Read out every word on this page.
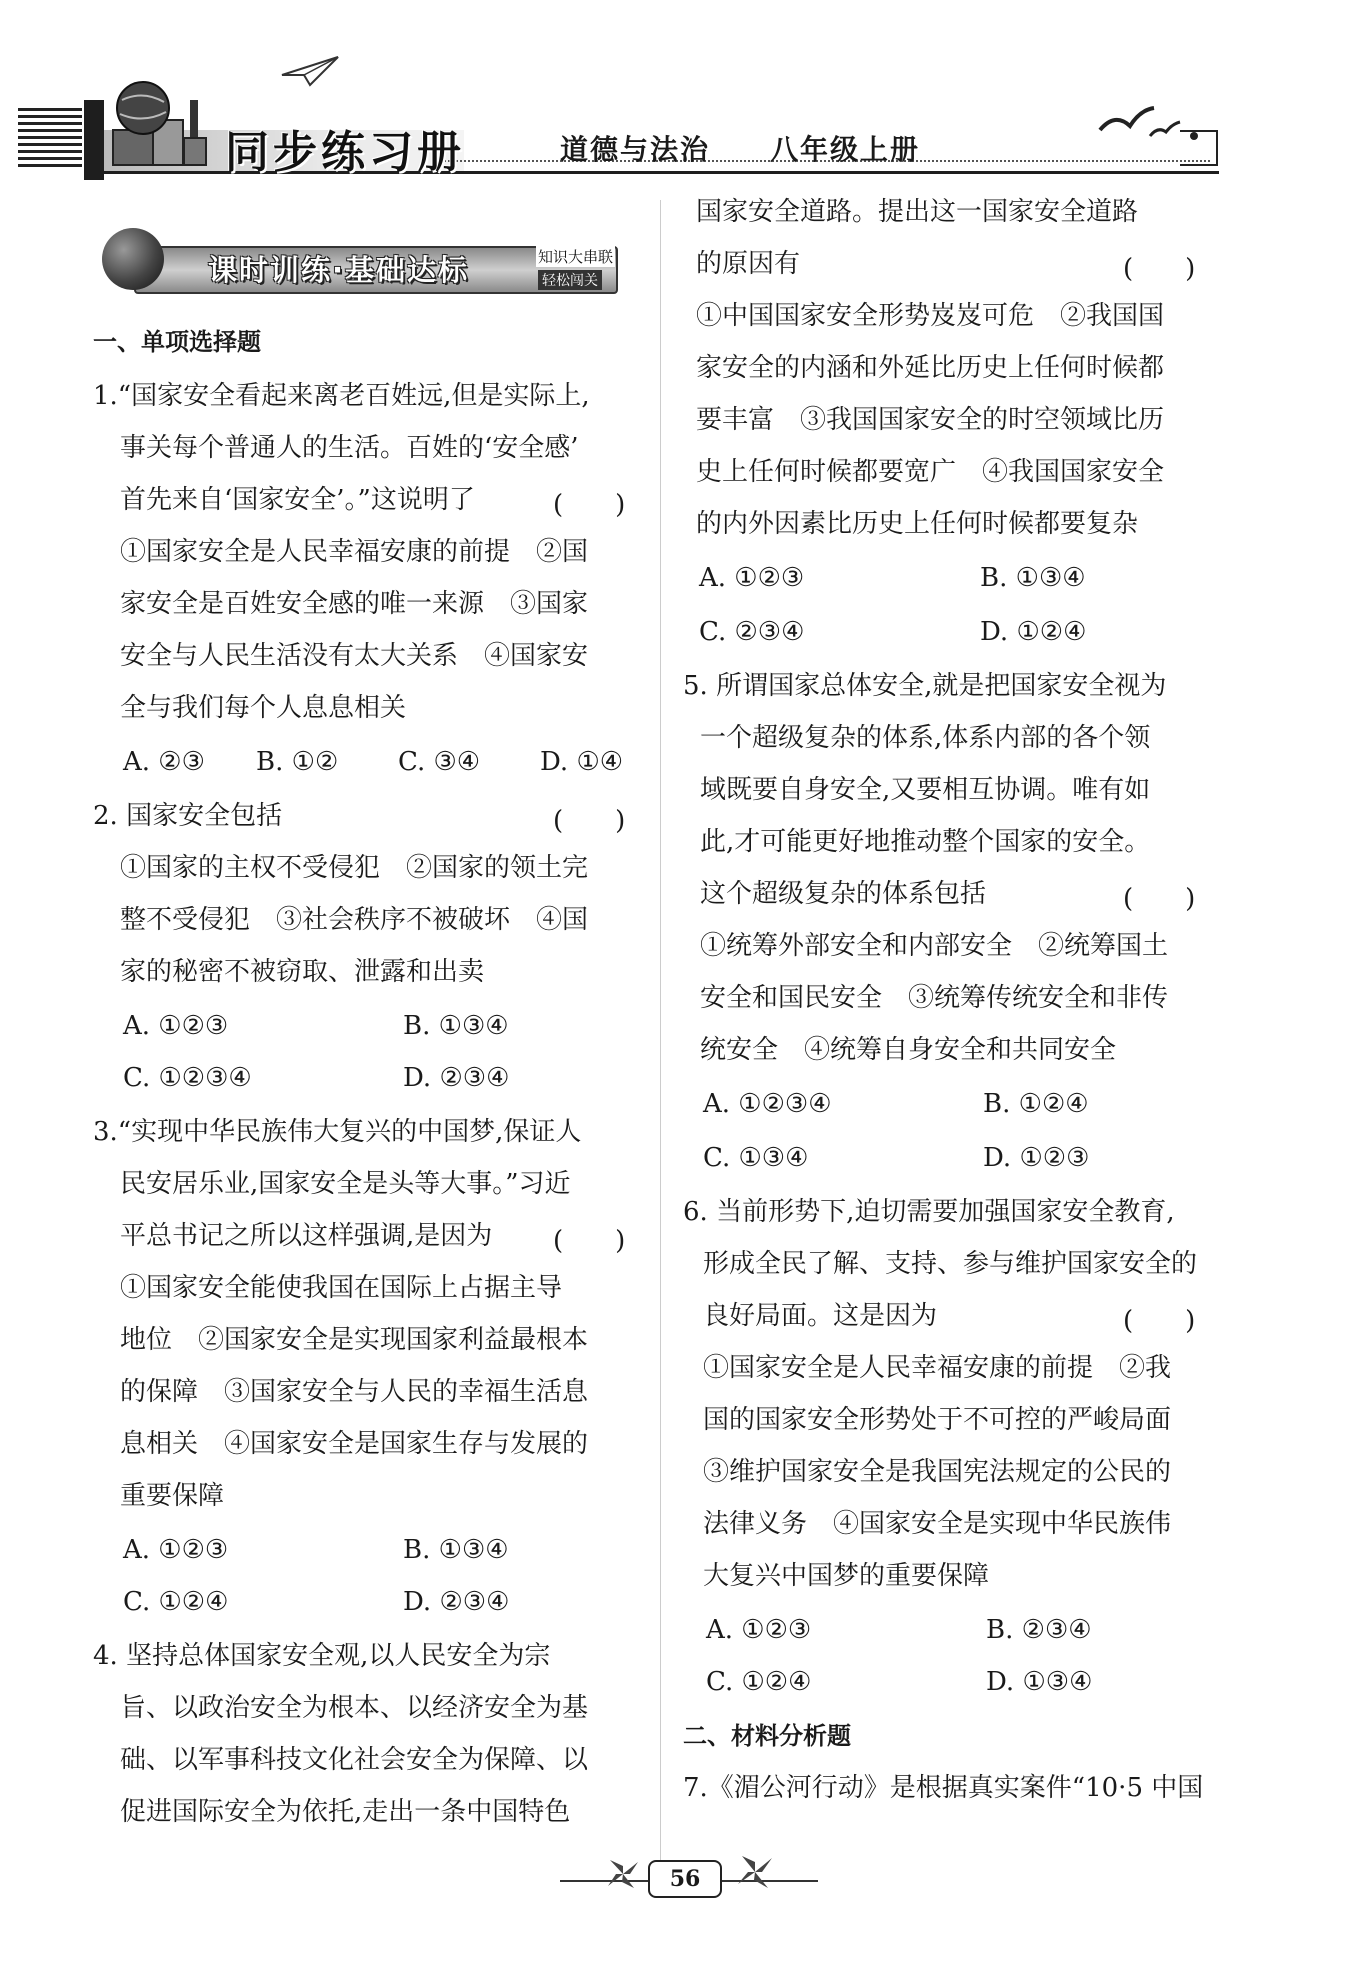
同步练习册	道德与法治 八年级上册
课时训练·基础达标	知识大串联
轻松闯关
一、单项选择题
1.“国家安全看起来离老百姓远,但是实际上,
事关每个普通人的生活。百姓的‘安全感’
首先来自‘国家安全’。”这说明了	(　　)
①国家安全是人民幸福安康的前提　②国
家安全是百姓安全感的唯一来源　③国家
安全与人民生活没有太大关系　④国家安
全与我们每个人息息相关
A. ②③ B. ①② C. ③④ D. ①④
2. 国家安全包括	(　　)
①国家的主权不受侵犯　②国家的领土完
整不受侵犯　③社会秩序不被破坏　④国
家的秘密不被窃取、泄露和出卖
A. ①②③	B. ①③④
C. ①②③④	D. ②③④
3.“实现中华民族伟大复兴的中国梦,保证人
民安居乐业,国家安全是头等大事。”习近
平总书记之所以这样强调,是因为 (　　)
①国家安全能使我国在国际上占据主导
地位　②国家安全是实现国家利益最根本
的保障　③国家安全与人民的幸福生活息
息相关　④国家安全是国家生存与发展的
重要保障
A. ①②③	B. ①③④
C. ①②④	D. ②③④
4. 坚持总体国家安全观,以人民安全为宗
旨、以政治安全为根本、以经济安全为基
础、以军事科技文化社会安全为保障、以
促进国际安全为依托,走出一条中国特色
国家安全道路。提出这一国家安全道路
的原因有	(　　)
①中国国家安全形势岌岌可危　②我国国
家安全的内涵和外延比历史上任何时候都
要丰富　③我国国家安全的时空领域比历
史上任何时候都要宽广　④我国国家安全
的内外因素比历史上任何时候都要复杂
A. ①②③	B. ①③④
C. ②③④	D. ①②④
5. 所谓国家总体安全,就是把国家安全视为
一个超级复杂的体系,体系内部的各个领
域既要自身安全,又要相互协调。唯有如
此,才可能更好地推动整个国家的安全。
这个超级复杂的体系包括	(　　)
①统筹外部安全和内部安全　②统筹国土
安全和国民安全　③统筹传统安全和非传
统安全　④统筹自身安全和共同安全
A. ①②③④	B. ①②④
C. ①③④	D. ①②③
6. 当前形势下,迫切需要加强国家安全教育,
形成全民了解、支持、参与维护国家安全的
良好局面。这是因为	(　　)
①国家安全是人民幸福安康的前提　②我
国的国家安全形势处于不可控的严峻局面
③维护国家安全是我国宪法规定的公民的
法律义务　④国家安全是实现中华民族伟
大复兴中国梦的重要保障
A. ①②③	B. ②③④
C. ①②④	D. ①③④
二、材料分析题
7.《湄公河行动》是根据真实案件“10·5 中国
56
